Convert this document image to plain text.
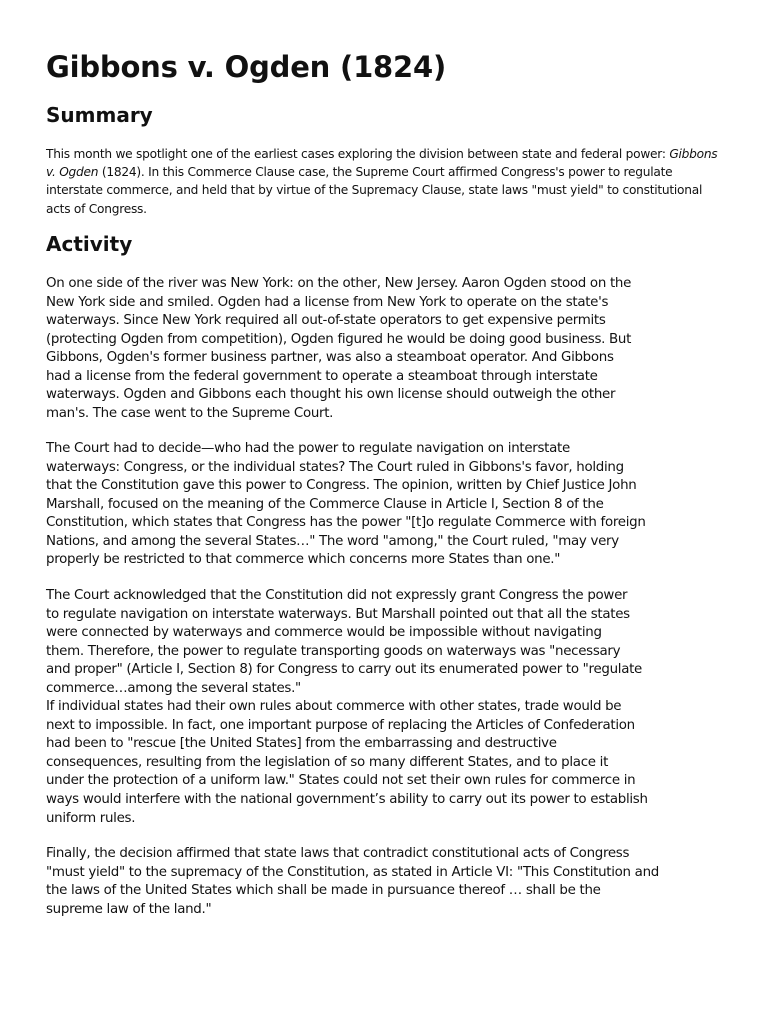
Gibbons v. Ogden (1824)
Summary

This month we spotlight one of the earliest cases exploring the division between state and federal power: Gibbons v. Ogden (1824). In this Commerce Clause case, the Supreme Court affirmed Congress's power to regulate interstate commerce, and held that by virtue of the Supremacy Clause, state laws "must yield" to constitutional acts of Congress.

Activity

On one side of the river was New York: on the other, New Jersey. Aaron Ogden stood on the
New York side and smiled. Ogden had a license from New York to operate on the state's
waterways. Since New York required all out-of-state operators to get expensive permits
(protecting Ogden from competition), Ogden figured he would be doing good business. But
Gibbons, Ogden's former business partner, was also a steamboat operator. And Gibbons
had a license from the federal government to operate a steamboat through interstate
waterways. Ogden and Gibbons each thought his own license should outweigh the other
man's. The case went to the Supreme Court.

The Court had to decide—who had the power to regulate navigation on interstate
waterways: Congress, or the individual states? The Court ruled in Gibbons's favor, holding
that the Constitution gave this power to Congress. The opinion, written by Chief Justice John
Marshall, focused on the meaning of the Commerce Clause in Article I, Section 8 of the
Constitution, which states that Congress has the power "[t]o regulate Commerce with foreign
Nations, and among the several States…" The word "among," the Court ruled, "may very
properly be restricted to that commerce which concerns more States than one."

The Court acknowledged that the Constitution did not expressly grant Congress the power
to regulate navigation on interstate waterways. But Marshall pointed out that all the states
were connected by waterways and commerce would be impossible without navigating
them. Therefore, the power to regulate transporting goods on waterways was "necessary
and proper" (Article I, Section 8) for Congress to carry out its enumerated power to "regulate
commerce…among the several states."
If individual states had their own rules about commerce with other states, trade would be
next to impossible. In fact, one important purpose of replacing the Articles of Confederation
had been to "rescue [the United States] from the embarrassing and destructive
consequences, resulting from the legislation of so many different States, and to place it
under the protection of a uniform law." States could not set their own rules for commerce in
ways would interfere with the national government’s ability to carry out its power to establish
uniform rules.

Finally, the decision affirmed that state laws that contradict constitutional acts of Congress
"must yield" to the supremacy of the Constitution, as stated in Article VI: "This Constitution and
the laws of the United States which shall be made in pursuance thereof … shall be the
supreme law of the land."
